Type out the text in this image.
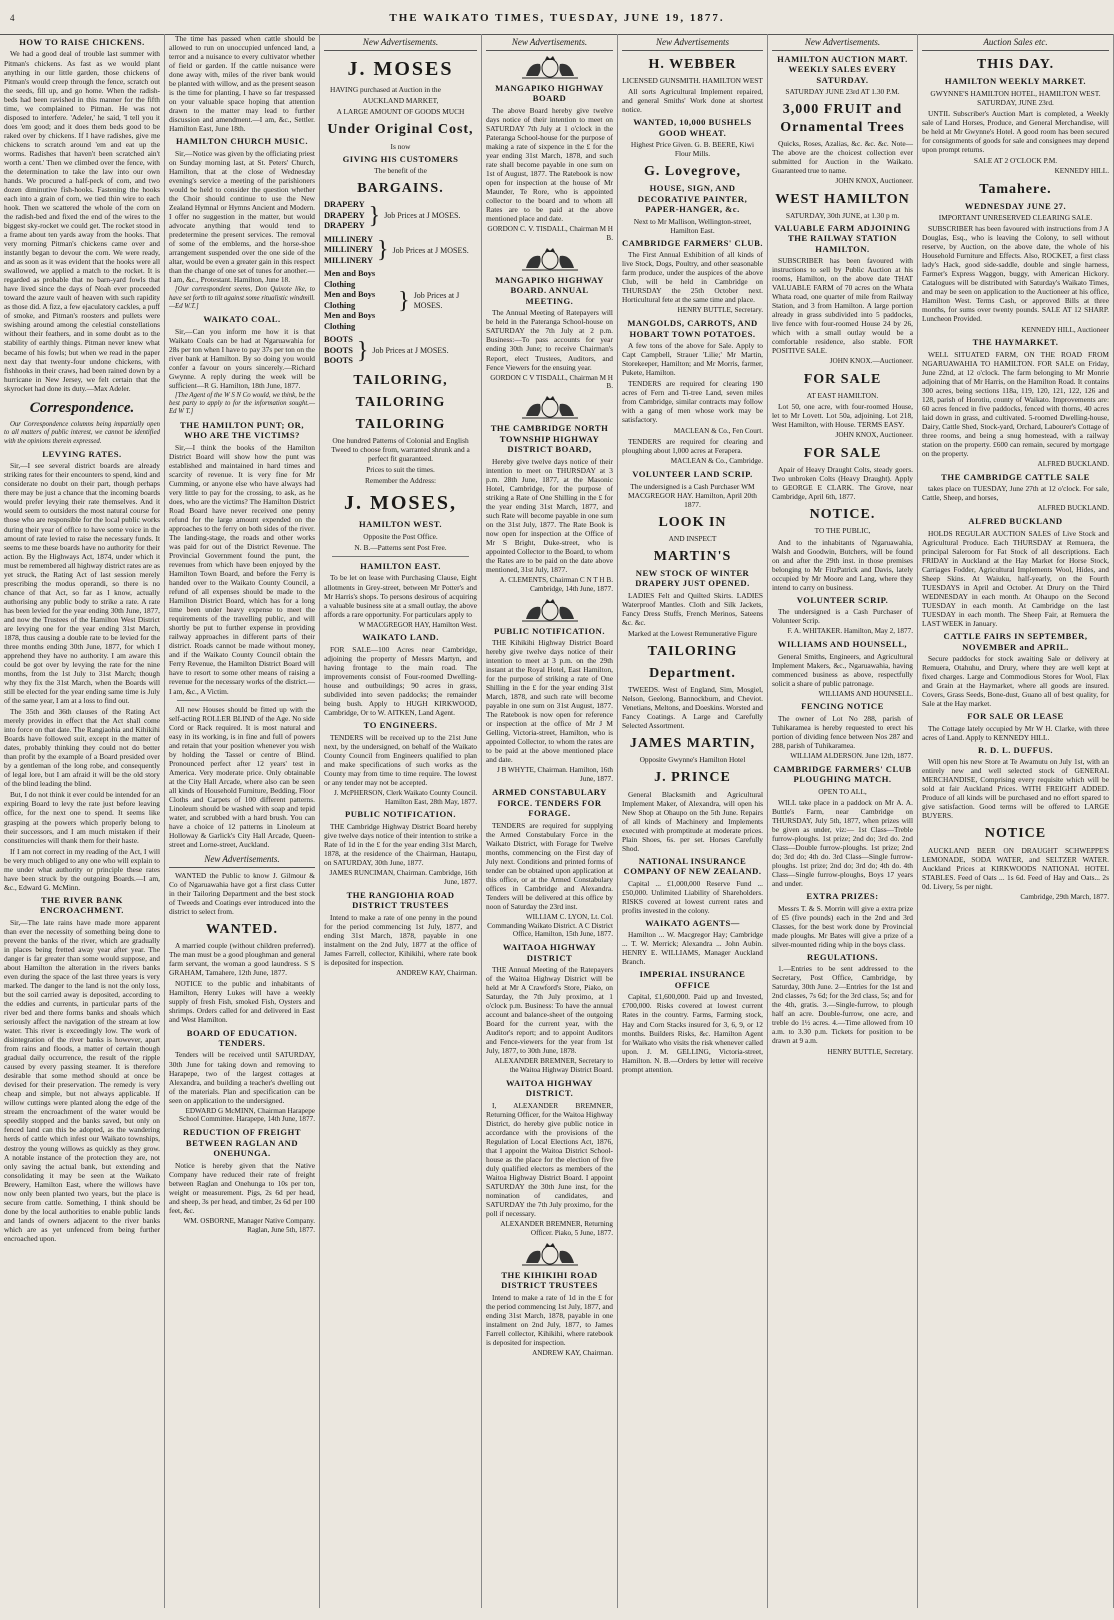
4	THE WAIKATO TIMES, TUESDAY, JUNE 19, 1877.
HOW TO RAISE CHICKENS.

We had a good deal of trouble last summer with Pitman's chickens. As fast as we would plant anything in our little garden, those chickens of Pitman's would creep through the fence, scratch out the seeds, fill up, and go home. When the radish-beds had been ravished in this manner for the fifth time, we complained to Pitman. He was not disposed to interfere. 'Adeler,' he said, 'I tell you it does 'em good; and it does them beds good to be raked over by chickens. If I have radishes, give me chickens to scratch around 'em and eat up the worms. Radishes that haven't been scratched ain't worth a cent.' Then we climbed over the fence, with the determination to take the law into our own hands. We procured a half-peck of corn, and two dozen diminutive fish-hooks. Fastening the hooks each into a grain of corn, we tied thin wire to each hook. Then we scattered the whole of the corn on the radish-bed and fixed the end of the wires to the biggest sky-rocket we could get. The rocket stood in a frame about ten yards away from the hooks. That very morning Pitman's chickens came over and instantly began to devour the corn. We were ready, and as soon as it was evident that the hooks were all swallowed, we applied a match to the rocket. It is regarded as probable that no barn-yard fowls that have lived since the days of Noah ever proceeded toward the azure vault of heaven with such rapidity as those did. A fizz, a few ejaculatory cackles, a puff of smoke, and Pitman's roosters and pullets were swishing around among the celestial constellations without their feathers, and in some doubt as to the stability of earthly things. Pitman never knew what became of his fowls; but when we read in the paper next day that twenty-four undone chickens, with fishhooks in their craws, had been rained down by a hurricane in New Jersey, we felt certain that the skyrocket had done its duty.—Max Adeler.

Correspondence.

Our Correspondence columns being impartially open to all matters of public interest, we cannot be identified with the opinions therein expressed.

LEVYING RATES.

Sir,—I see several district boards are already striking rates for their encounters to spend, kind and considerate no doubt on their part, though perhaps there may be just a chance that the incoming boards would prefer levying their rate themselves. And it would seem to outsiders the most natural course for those who are responsible for the local public works during their year of office to have some voice in the amount of rate levied to raise the necessary funds. It seems to me these boards have no authority for their action. By the Highways Act, 1874, under which it must be remembered all highway district rates are as yet struck, the Rating Act of last session merely prescribing the modus operandi, so there is no chance of that Act, so far as I know, actually authorising any public body to strike a rate. A rate has been levied for the year ending 30th June, 1877, and now the Trustees of the Hamilton West District are levying one for the year ending 31st March, 1878, thus causing a double rate to be levied for the three months ending 30th June, 1877, for which I apprehend they have no authority. I am aware this could be got over by levying the rate for the nine months, from the 1st July to 31st March; though why they fix the 31st March, when the Boards will still be elected for the year ending same time is July of the same year, I am at a loss to find out.

The 35th and 36th clauses of the Rating Act merely provides in effect that the Act shall come into force on that date. The Rangiaohia and Kihikihi Boards have followed suit, except in the matter of dates, probably thinking they could not do better than profit by the example of a Board presided over by a gentleman of the long robe, and consequently of legal lore, but I am afraid it will be the old story of the blind leading the blind.

But, I do not think it ever could be intended for an expiring Board to levy the rate just before leaving office, for the next one to spend. It seems like grasping at the powers which properly belong to their successors, and I am much mistaken if their constituencies will thank them for their haste.

If I am not correct in my reading of the Act, I will be very much obliged to any one who will explain to me under what authority or principle these rates have been struck by the outgoing Boards.—I am, &c., Edward G. McMinn.

THE RIVER BANK ENCROACHMENT.

Sir,—The late rains have made more apparent than ever the necessity of something being done to prevent the banks of the river, which are gradually in places being fretted away year after year. The danger is far greater than some would suppose, and about Hamilton the alteration in the rivers banks even during the space of the last three years is very marked. The danger to the land is not the only loss, but the soil carried away is deposited, according to the eddies and currents, in particular parts of the river bed and there forms banks and shoals which seriously affect the navigation of the stream at low water. This river is exceedingly low. The work of disintegration of the river banks is however, apart from rains and floods, a matter of certain though gradual daily occurrence, the result of the ripple caused by every passing steamer. It is therefore desirable that some method should at once be devised for their preservation. The remedy is very cheap and simple, but not always applicable. If willow cuttings were planted along the edge of the stream the encroachment of the water would be speedily stopped and the banks saved, but only on fenced land can this be adopted, as the wandering herds of cattle which infest our Waikato townships, destroy the young willows as quickly as they grow. A notable instance of the protection they are, not only saving the actual bank, but extending and consolidating it may be seen at the Waikato Brewery, Hamilton East, where the willows have now only been planted two years, but the place is secure from cattle. Something, I think should be done by the local authorities to enable public lands and lands of owners adjacent to the river banks which are as yet unfenced from being further encroached upon.

The time has passed when cattle should be allowed to run on unoccupied unfenced land, a terror and a nuisance to every cultivator whether of field or garden. If the cattle nuisance were done away with, miles of the river bank would be planted with willow, and as the present season is the time for planting, I have so far trespassed on your valuable space hoping that attention drawn to the matter may lead to further discussion and amendment.—I am, &c., Settler. Hamilton East, June 18th.

HAMILTON CHURCH MUSIC.

Sir,—Notice was given by the officiating priest on Sunday morning last, at St. Peters' Church, Hamilton, that at the close of Wednesday evening's service a meeting of the parishioners would be held to consider the question whether the Choir should continue to use the New Zealand Hymnal or Hymns Ancient and Modern. I offer no suggestion in the matter, but would advocate anything that would tend to predetermine the present services. The removal of some of the emblems, and the horse-shoe arrangement suspended over the one side of the altar, would be even a greater gain in this respect than the change of one set of tunes for another.—I am, &c., Protestant. Hamilton, June 18.

[Our correspondent seems, Don Quixote like, to have set forth to tilt against some ritualistic windmill.—Ed W.T.]

WAIKATO COAL.

Sir,—Can you inform me how it is that Waikato Coals can be had at Ngaruawahia for 28s per ton when I have to pay 37s per ton on the river bank at Hamilton. By so doing you would confer a favour on yours sincerely.—Richard Gwynne. A reply during the week will be sufficient—R G. Hamilton, 18th June, 1877.

[The Agent of the W S N Co would, we think, be the best party to apply to for the information sought.—Ed W T.]

THE HAMILTON PUNT; OR, WHO ARE THE VICTIMS?

Sir,—I think the books of the Hamilton District Board will show how the punt was established and maintained in hard times and scarcity of revenue. It is very fine for Mr Cumming, or anyone else who have always had very little to pay for the crossing, to ask, as he does, who are the victims? The Hamilton District Road Board have never received one penny refund for the large amount expended on the approaches to the ferry on both sides of the river. The landing-stage, the roads and other works was paid for out of the District Revenue. The Provincial Government found the punt, the revenues from which have been enjoyed by the Hamilton Town Board, and before the Ferry is handed over to the Waikato County Council, a refund of all expenses should be made to the Hamilton District Board, which has for a long time been under heavy expense to meet the requirements of the travelling public, and will shortly be put to further expense in providing railway approaches in different parts of their district. Roads cannot be made without money, and if the Waikato County Council obtain the Ferry Revenue, the Hamilton District Board will have to resort to some other means of raising a revenue for the necessary works of the district.—I am, &c., A Victim.

All new Houses should be fitted up with the self-acting ROLLER BLIND of the Age. No side Cord or Rack required. It is most natural and easy in its working, is in fine and full of powers and retain that your position whenever you wish by holding the Tassel or centre of Blind. Pronounced perfect after 12 years' test in America. Very moderate price. Only obtainable at the City Hall Arcade, where also can be seen all kinds of Household Furniture, Bedding, Floor Cloths and Carpets of 100 different patterns. Linoleum should be washed with soap and tepid water, and scrubbed with a hard brush. You can have a choice of 12 patterns in Linoleum at Holloway & Garlick's City Hall Arcade, Queen-street and Lorne-street, Auckland.

New Advertisements.

WANTED the Public to know J. Gilmour & Co of Ngaruawahia have got a first class Cutter in their Tailoring Department and the best stock of Tweeds and Coatings ever introduced into the district to select from.

WANTED.

A married couple (without children preferred). The man must be a good ploughman and general farm servant, the woman a good laundress. S S GRAHAM, Tamahere, 12th June, 1877.

NOTICE to the public and inhabitants of Hamilton, Henry Lukes will have a weekly supply of fresh Fish, smoked Fish, Oysters and shrimps. Orders called for and delivered in East and West Hamilton.

BOARD OF EDUCATION. TENDERS.

Tenders will be received until SATURDAY, 30th June for taking down and removing to Harapepe, two of the largest cottages at Alexandra, and building a teacher's dwelling out of the materials. Plan and specification can be seen on application to the undersigned.

EDWARD G McMINN, Chairman Harapepe School Committee. Harapepe, 14th June, 1877.

REDUCTION OF FREIGHT BETWEEN RAGLAN AND ONEHUNGA.

Notice is hereby given that the Native Company have reduced their rate of freight between Raglan and Onehunga to 10s per ton, weight or measurement. Pigs, 2s 6d per head, and sheep, 3s per head, and timber, 2s 6d per 100 feet, &c.

WM. OSBORNE, Manager Native Company. Raglan, June 5th, 1877.

New Advertisements.
J. MOSES

HAVING purchased at Auction in the

AUCKLAND MARKET,

A LARGE AMOUNT OF GOODS MUCH

Under Original Cost,

Is now

GIVING HIS CUSTOMERS

The benefit of the

BARGAINS.
DRAPERY
DRAPERY
DRAPERY } Job Prices at J MOSES.
MILLINERY
MILLINERY
MILLINERY } Job Prices at J MOSES.
Men and Boys Clothing
Men and Boys Clothing
Men and Boys Clothing
} Job Prices at J MOSES.
BOOTS
BOOTS
BOOTS } Job Prices at J MOSES.
TAILORING,
TAILORING
TAILORING

One hundred Patterns of Colonial and English Tweed to choose from, warranted shrunk and a perfect fit guaranteed.

Prices to suit the times.

Remember the Address:

J. MOSES,
HAMILTON WEST.

Opposite the Post Office.

N. B.—Patterns sent Post Free.

HAMILTON EAST.

To be let on lease with Purchasing Clause, Eight allotments in Grey-street, between Mr Potter's and Mr Harris's shops. To persons desirous of acquiring a valuable business site at a small outlay, the above affords a rare opportunity. For particulars apply to

W MACGREGOR HAY, Hamilton West.

WAIKATO LAND.

FOR SALE—100 Acres near Cambridge, adjoining the property of Messrs Martyn, and having frontage to the main road. The improvements consist of Four-roomed Dwelling-house and outbuildings; 90 acres in grass, subdivided into seven paddocks; the remainder being bush. Apply to HUGH KIRKWOOD, Cambridge, Or to W. AITKEN, Land Agent.

TO ENGINEERS.

TENDERS will be received up to the 21st June next, by the undersigned, on behalf of the Waikato County Council from Engineers qualified to plan and make specifications of such works as the County may from time to time require. The lowest or any tender may not be accepted.

J. McPHERSON, Clerk Waikato County Council. Hamilton East, 28th May, 1877.

PUBLIC NOTIFICATION.

THE Cambridge Highway District Board hereby give twelve days notice of their intention to strike a Rate of 1d in the £ for the year ending 31st March, 1878, at the residence of the Chairman, Hautapu, on SATURDAY, 30th June, 1877.

JAMES RUNCIMAN, Chairman. Cambridge, 16th June, 1877.

THE RANGIOHIA ROAD DISTRICT TRUSTEES

Intend to make a rate of one penny in the pound for the period commencing 1st July, 1877, and ending 31st March, 1878, payable in one instalment on the 2nd July, 1877 at the office of James Farrell, collector, Kihikihi, where rate book is deposited for inspection.

ANDREW KAY, Chairman.

New Advertisements.
MANGAPIKO HIGHWAY BOARD

The above Board hereby give twelve days notice of their intention to meet on SATURDAY 7th July at 1 o'clock in the Pateranga School-house for the purpose of making a rate of sixpence in the £ for the year ending 31st March, 1878, and such rate shall become payable in one sum on 1st of August, 1877. The Ratebook is now open for inspection at the house of Mr Maunder, Te Rore, who is appointed collector to the board and to whom all Rates are to be paid at the above mentioned place and date.

GORDON C. V. TISDALL, Chairman M H B.

MANGAPIKO HIGHWAY BOARD. ANNUAL MEETING.

The Annual Meeting of Ratepayers will be held in the Pateranga School-house on SATURDAY the 7th July at 2 p.m. Business:—To pass accounts for year ending 30th June; to receive Chairman's Report, elect Trustees, Auditors, and Fence Viewers for the ensuing year.

GORDON C V TISDALL, Chairman M H B.

THE CAMBRIDGE NORTH TOWNSHIP HIGHWAY DISTRICT BOARD,

Hereby give twelve days notice of their intention to meet on THURSDAY at 3 p.m. 28th June, 1877, at the Masonic Hotel, Cambridge, for the purpose of striking a Rate of One Shilling in the £ for the year ending 31st March, 1877, and such Rate will become payable in one sum on the 31st July, 1877. The Rate Book is now open for inspection at the Office of Mr S Bright, Duke-street, who is appointed Collector to the Board, to whom the Rates are to be paid on the date above mentioned, 31st July, 1877.

A. CLEMENTS, Chairman C N T H B. Cambridge, 14th June, 1877.

PUBLIC NOTIFICATION.

THE Kihikihi Highway District Board hereby give twelve days notice of their intention to meet at 3 p.m. on the 29th instant at the Royal Hotel, East Hamilton, for the purpose of striking a rate of One Shilling in the £ for the year ending 31st March, 1878, and such rate will become payable in one sum on 31st August, 1877. The Ratebook is now open for reference or inspection at the office of Mr J M Gelling, Victoria-street, Hamilton, who is appointed Collector, to whom the rates are to be paid at the above mentioned place and date.

J B WHYTE, Chairman. Hamilton, 16th June, 1877.

ARMED CONSTABULARY FORCE. TENDERS FOR FORAGE.

TENDERS are required for supplying the Armed Constabulary Force in the Waikato District, with Forage for Twelve months, commencing on the First day of July next. Conditions and printed forms of tender can be obtained upon application at this office, or at the Armed Constabulary offices in Cambridge and Alexandra. Tenders will be delivered at this office by noon of Saturday the 23rd inst.

WILLIAM C. LYON, Lt. Col. Commanding Waikato District. A C District Office, Hamilton, 15th June, 1877.

WAITAOA HIGHWAY DISTRICT

THE Annual Meeting of the Ratepayers of the Waitoa Highway District will be held at Mr A Crawford's Store, Piako, on Saturday, the 7th July proximo, at 1 o'clock p.m. Business: To have the annual account and balance-sheet of the outgoing Board for the current year, with the Auditor's report; and to appoint Auditors and Fence-viewers for the year from 1st July, 1877, to 30th June, 1878.

ALEXANDER BREMNER, Secretary to the Waitoa Highway District Board.

WAITOA HIGHWAY DISTRICT.

I, ALEXANDER BREMNER, Returning Officer, for the Waitoa Highway District, do hereby give public notice in accordance with the provisions of the Regulation of Local Elections Act, 1876, that I appoint the Waitoa District School-house as the place for the election of five duly qualified electors as members of the Waitoa Highway District Board. I appoint SATURDAY the 30th June inst, for the nomination of candidates, and SATURDAY the 7th July proximo, for the poll if necessary.

ALEXANDER BREMNER, Returning Officer. Piako, 5 June, 1877.

THE KIHIKIHI ROAD DISTRICT TRUSTEES

Intend to make a rate of 1d in the £ for the period commencing 1st July, 1877, and ending 31st March, 1878, payable in one instalment on 2nd July, 1877, to James Farrell collector, Kihikihi, where ratebook is deposited for inspection.

ANDREW KAY, Chairman.

New Advertisements
H. WEBBER

LICENSED GUNSMITH. HAMILTON WEST

All sorts Agricultural Implement repaired, and general Smiths' Work done at shortest notice.

WANTED, 10,000 BUSHELS GOOD WHEAT.

Highest Price Given. G. B. BEERE, Kiwi Flour Mills.

G. Lovegrove,
HOUSE, SIGN, AND DECORATIVE PAINTER, PAPER-HANGER, &c.

Next to Mr Mallison, Wellington-street, Hamilton East.

CAMBRIDGE FARMERS' CLUB.

The First Annual Exhibition of all kinds of live Stock, Dogs, Poultry, and other seasonable farm produce, under the auspices of the above Club, will be held in Cambridge on THURSDAY the 25th October next. Horticultural fete at the same time and place.

HENRY BUTTLE, Secretary.

MANGOLDS, CARROTS, AND HOBART TOWN POTATOES.

A few tons of the above for Sale. Apply to Capt Campbell, Strauer 'Lilie;' Mr Martin, Storekeeper, Hamilton; and Mr Morris, farmer, Pukete, Hamilton.

TENDERS are required for clearing 190 acres of Fern and Ti-tree Land, seven miles from Cambridge, similar contracts may follow with a gang of men whose work may be satisfactory.

MACLEAN & Co., Fen Court.

TENDERS are required for clearing and ploughing about 1,000 acres at Ferapera.

MACLEAN & Co., Cambridge.

VOLUNTEER LAND SCRIP.

The undersigned is a Cash Purchaser WM MACGREGOR HAY. Hamilton, April 20th 1877.

LOOK IN

AND INSPECT

MARTIN'S
NEW STOCK OF WINTER DRAPERY JUST OPENED.

LADIES Felt and Quilted Skirts. LADIES Waterproof Mantles. Cloth and Silk Jackets, Fancy Dress Stuffs, French Merinos, Sateens &c. &c.

Marked at the Lowest Remunerative Figure

TAILORING
Department.

TWEEDS. West of England, Sim, Mosgiel, Nelson, Geelong, Bannockburn, and Cheviot. Venetians, Meltons, and Doeskins. Worsted and Fancy Coatings. A Large and Carefully Selected Assortment.

JAMES MARTIN,

Opposite Gwynne's Hamilton Hotel

J. PRINCE

General Blacksmith and Agricultural Implement Maker, of Alexandra, will open his New Shop at Ohaupo on the 5th June. Repairs of all kinds of Machinery and Implements executed with promptitude at moderate prices. Plain Shoes, 6s. per set. Horses Carefully Shod.

NATIONAL INSURANCE COMPANY OF NEW ZEALAND.

Capital ... £1,000,000 Reserve Fund ... £50,000. Unlimited Liability of Shareholders. RISKS covered at lowest current rates and profits invested in the colony.

WAIKATO AGENTS—

Hamilton ... W. Macgregor Hay; Cambridge ... T. W. Merrick; Alexandra ... John Aubin. HENRY E. WILLIAMS, Manager Auckland Branch.

IMPERIAL INSURANCE OFFICE

Capital, £1,600,000. Paid up and Invested, £700,000. Risks covered at lowest current Rates in the country. Farms, Farming stock, Hay and Corn Stacks insured for 3, 6, 9, or 12 months. Builders Risks, &c. Hamilton Agent for Waikato who visits the risk whenever called upon. J. M. GELLING, Victoria-street, Hamilton. N. B.—Orders by letter will receive prompt attention.

New Advertisements.
HAMILTON AUCTION MART. WEEKLY SALES EVERY SATURDAY.

SATURDAY JUNE 23rd AT 1.30 P.M.

3,000 FRUIT and Ornamental Trees

Quicks, Roses, Azalias, &c. &c. &c. Note—The above are the choicest collection ever submitted for Auction in the Waikato. Guaranteed true to name.

JOHN KNOX, Auctioneer.

WEST HAMILTON

SATURDAY, 30th JUNE, at 1.30 p m.

VALUABLE FARM ADJOINING THE RAILWAY STATION HAMILTON.

SUBSCRIBER has been favoured with instructions to sell by Public Auction at his rooms, Hamilton, on the above date THAT VALUABLE FARM of 70 acres on the Whata Whata road, one quarter of mile from Railway Station, and 3 from Hamilton. A large portion already in grass subdivided into 5 paddocks, live fence with four-roomed House 24 by 26, which with a small outlay would be a comfortable residence, also stable. FOR POSITIVE SALE.

JOHN KNOX.—Auctioneer.

FOR SALE

AT EAST HAMILTON.

Lot 50, one acre, with four-roomed House, let to Mr Lovett. Lot 50a, adjoining. Lot 218, West Hamilton, with House. TERMS EASY.

JOHN KNOX, Auctioneer.

FOR SALE

Apair of Heavy Draught Colts, steady goers. Two unbroken Colts (Heavy Draught). Apply to GEORGE E CLARK. The Grove, near Cambridge, April 6th, 1877.

NOTICE.

TO THE PUBLIC,

And to the inhabitants of Ngaruawahia, Walsh and Goodwin, Butchers, will be found on and after the 29th inst. in those premises belonging to Mr FitzPatrick and Davis, lately occupied by Mr Moore and Lang, where they intend to carry on business.

VOLUNTEER SCRIP.

The undersigned is a Cash Purchaser of Volunteer Scrip.

F. A. WHITAKER. Hamilton, May 2, 1877.

WILLIAMS AND HOUNSELL,

General Smiths, Engineers, and Agricultural Implement Makers, &c., Ngaruawahia, having commenced business as above, respectfully solicit a share of public patronage.

WILLIAMS AND HOUNSELL.

FENCING NOTICE

The owner of Lot No 288, parish of Tuhikaramea is hereby requested to erect his portion of dividing fence between Nos 287 and 288, parish of Tuhikaramea.

WILLIAM ALDERSON. June 12th, 1877.

CAMBRIDGE FARMERS' CLUB PLOUGHING MATCH.

OPEN TO ALL,

WILL take place in a paddock on Mr A. A. Buttle's Farm, near Cambridge on THURSDAY, July 5th, 1877, when prizes will be given as under, viz:— 1st Class—Treble furrow-ploughs. 1st prize; 2nd do; 3rd do. 2nd Class—Double furrow-ploughs. 1st prize; 2nd do; 3rd do; 4th do. 3rd Class—Single furrow-ploughs. 1st prize; 2nd do; 3rd do; 4th do. 4th Class—Single furrow-ploughs, Boys 17 years and under.

EXTRA PRIZES:

Messrs T. & S. Morrin will give a extra prize of £5 (five pounds) each in the 2nd and 3rd Classes, for the best work done by Provincial made ploughs. Mr Bates will give a prize of a silver-mounted riding whip in the boys class.

REGULATIONS.

1.—Entries to be sent addressed to the Secretary, Post Office, Cambridge, by Saturday, 30th June. 2—Entries for the 1st and 2nd classes, 7s 6d; for the 3rd class, 5s; and for the 4th, gratis. 3.—Single-furrow, to plough half an acre. Double-furrow, one acre, and treble do 1½ acres. 4.—Time allowed from 10 a.m. to 3.30 p.m. Tickets for position to be drawn at 9 a.m.

HENRY BUTTLE, Secretary.

Auction Sales etc.
THIS DAY.
HAMILTON WEEKLY MARKET.

GWYNNE'S HAMILTON HOTEL, HAMILTON WEST. SATURDAY, JUNE 23rd.

UNTIL Subscriber's Auction Mart is completed, a Weekly sale of Land Horses, Produce, and General Merchandise, will be held at Mr Gwynne's Hotel. A good room has been secured for consignments of goods for sale and consignees may depend upon prompt returns.

SALE AT 2 O'CLOCK P.M.

KENNEDY HILL.

Tamahere.
WEDNESDAY JUNE 27.

IMPORTANT UNRESERVED CLEARING SALE.

SUBSCRIBER has been favoured with instructions from J A Douglas, Esq., who is leaving the Colony, to sell without reserve, by Auction, on the above date, the whole of his Household Furniture and Effects. Also, ROCKET, a first class lady's Hack, good side-saddle, double and single harness, Farmer's Express Waggon, buggy, with American Hickory. Catalogues will be distributed with Saturday's Waikato Times, and may be seen on application to the Auctioneer at his office, Hamilton West. Terms Cash, or approved Bills at three months, for sums over twenty pounds. SALE AT 12 SHARP. Luncheon Provided.

KENNEDY HILL, Auctioneer

THE HAYMARKET.

WELL SITUATED FARM, ON THE ROAD FROM NGARUAWAHIA TO HAMILTON. FOR SALE on Friday, June 22nd, at 12 o'clock. The farm belonging to Mr Monrie adjoining that of Mr Harris, on the Hamilton Road. It contains 300 acres, being sections 118a, 119, 120, 121, 122, 126 and 128, parish of Horotiu, county of Waikato. Improvements are: 60 acres fenced in five paddocks, fenced with thorns, 40 acres laid down in grass, and cultivated. 5-roomed Dwelling-house, Dairy, Cattle Shed, Stock-yard, Orchard, Labourer's Cottage of three rooms, and being a snug homestead, with a railway station on the property. £600 can remain, secured by mortgage on the property.

ALFRED BUCKLAND.

THE CAMBRIDGE CATTLE SALE

takes place on TUESDAY, June 27th at 12 o'clock. For sale, Cattle, Sheep, and horses,

ALFRED BUCKLAND.

ALFRED BUCKLAND

HOLDS REGULAR AUCTION SALES of Live Stock and Agricultural Produce. Each THURSDAY at Remuera, the principal Saleroom for Fat Stock of all descriptions. Each FRIDAY in Auckland at the Hay Market for Horse Stock, Carriages Fodder, Agricultural Implements Wool, Hides, and Sheep Skins. At Waiuku, half-yearly, on the Fourth TUESDAYS in April and October. At Drury on the Third WEDNESDAY in each month. At Ohaupo on the Second TUESDAY in each month. At Cambridge on the last TUESDAY in each month. The Sheep Fair, at Remuera the LAST WEEK in January.

CATTLE FAIRS IN SEPTEMBER, NOVEMBER and APRIL.

Secure paddocks for stock awaiting Sale or delivery at Remuera, Otahuhu, and Drury, where they are well kept at fixed charges. Large and Commodious Stores for Wool, Flax and Grain at the Haymarket, where all goods are insured. Covers, Grass Seeds, Bone-dust, Guano all of best quality, for Sale at the Hay market.

FOR SALE OR LEASE

The Cottage lately occupied by Mr W H. Clarke, with three acres of Land. Apply to KENNEDY HILL.

R. D. L. DUFFUS.

Will open his new Store at Te Awamutu on July 1st, with an entirely new and well selected stock of GENERAL MERCHANDISE, Comprising every requisite which will be sold at fair Auckland Prices. WITH FREIGHT ADDED. Produce of all kinds will be purchased and no effort spared to give satisfaction. Good terms will be offered to LARGE BUYERS.

NOTICE

AUCKLAND BEER ON DRAUGHT SCHWEPPE'S LEMONADE, SODA WATER, and SELTZER WATER. Auckland Prices at KIRKWOODS NATIONAL HOTEL STABLES. Feed of Oats ... 1s 6d. Feed of Hay and Oats... 2s 0d. Livery, 5s per night.

Cambridge, 29th March, 1877.
